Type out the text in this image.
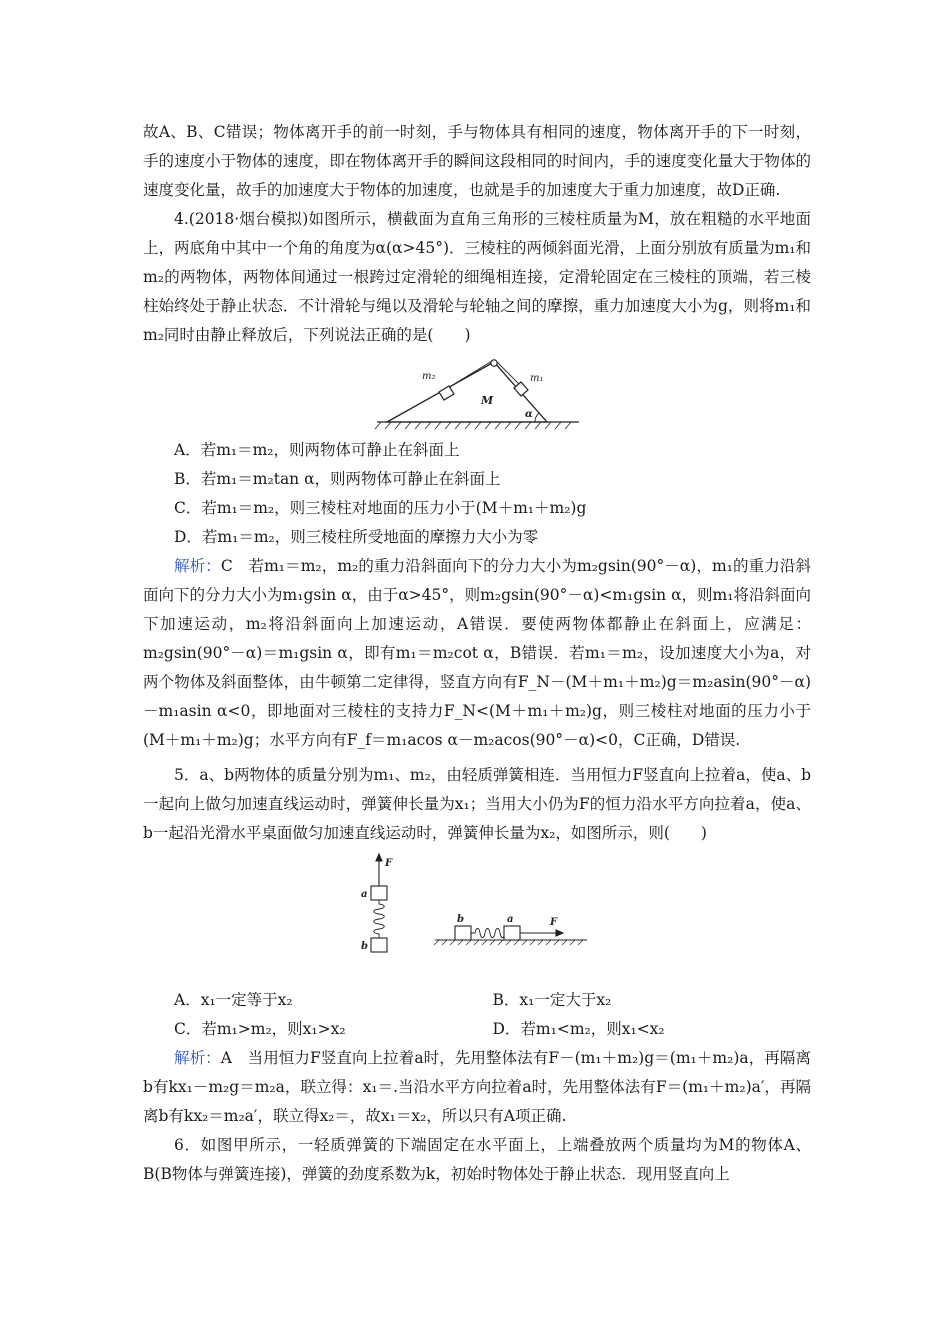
故A、B、C错误；物体离开手的前一时刻，手与物体具有相同的速度，物体离开手的下一时刻，手的速度小于物体的速度，即在物体离开手的瞬间这段相同的时间内，手的速度变化量大于物体的速度变化量，故手的加速度大于物体的加速度，也就是手的加速度大于重力加速度，故D正确.

4.(2018·烟台模拟)如图所示，横截面为直角三角形的三棱柱质量为M，放在粗糙的水平地面上，两底角中其中一个角的角度为α(α>45°)．三棱柱的两倾斜面光滑，上面分别放有质量为m₁和m₂的两物体，两物体间通过一根跨过定滑轮的细绳相连接，定滑轮固定在三棱柱的顶端，若三棱柱始终处于静止状态．不计滑轮与绳以及滑轮与轮轴之间的摩擦，重力加速度大小为g，则将m₁和m₂同时由静止释放后，下列说法正确的是(　　)

m₂	m₁
M
α

A．若m₁＝m₂，则两物体可静止在斜面上

B．若m₁＝m₂tan α，则两物体可静止在斜面上

C．若m₁＝m₂，则三棱柱对地面的压力小于(M＋m₁＋m₂)g

D．若m₁＝m₂，则三棱柱所受地面的摩擦力大小为零

解析：C　若m₁＝m₂，m₂的重力沿斜面向下的分力大小为m₂gsin(90°－α)，m₁的重力沿斜面向下的分力大小为m₁gsin α，由于α>45°，则m₂gsin(90°－α)<m₁gsin α，则m₁将沿斜面向下加速运动，m₂将沿斜面向上加速运动，A错误．要使两物体都静止在斜面上，应满足：m₂gsin(90°－α)＝m₁gsin α，即有m₁＝m₂cot α，B错误．若m₁＝m₂，设加速度大小为a，对两个物体及斜面整体，由牛顿第二定律得，竖直方向有F_N－(M＋m₁＋m₂)g＝m₂asin(90°－α)－m₁asin α<0，即地面对三棱柱的支持力F_N<(M＋m₁＋m₂)g，则三棱柱对地面的压力小于(M＋m₁＋m₂)g；水平方向有F_f＝m₁acos α－m₂acos(90°－α)<0，C正确，D错误.

5．a、b两物体的质量分别为m₁、m₂，由轻质弹簧相连．当用恒力F竖直向上拉着a，使a、b一起向上做匀加速直线运动时，弹簧伸长量为x₁；当用大小仍为F的恒力沿水平方向拉着a，使a、b一起沿光滑水平桌面做匀加速直线运动时，弹簧伸长量为x₂，如图所示，则(　　)

F
a
b
b	a	F

A．x₁一定等于x₂	B．x₁一定大于x₂

C．若m₁>m₂，则x₁>x₂	D．若m₁<m₂，则x₁<x₂

解析：A　当用恒力F竖直向上拉着a时，先用整体法有F－(m₁＋m₂)g＝(m₁＋m₂)a，再隔离b有kx₁－m₂g＝m₂a，联立得：x₁＝.当沿水平方向拉着a时，先用整体法有F＝(m₁＋m₂)a′，再隔离b有kx₂＝m₂a′，联立得x₂＝，故x₁＝x₂，所以只有A项正确.

6．如图甲所示，一轻质弹簧的下端固定在水平面上，上端叠放两个质量均为M的物体A、B(B物体与弹簧连接)，弹簧的劲度系数为k，初始时物体处于静止状态．现用竖直向上
